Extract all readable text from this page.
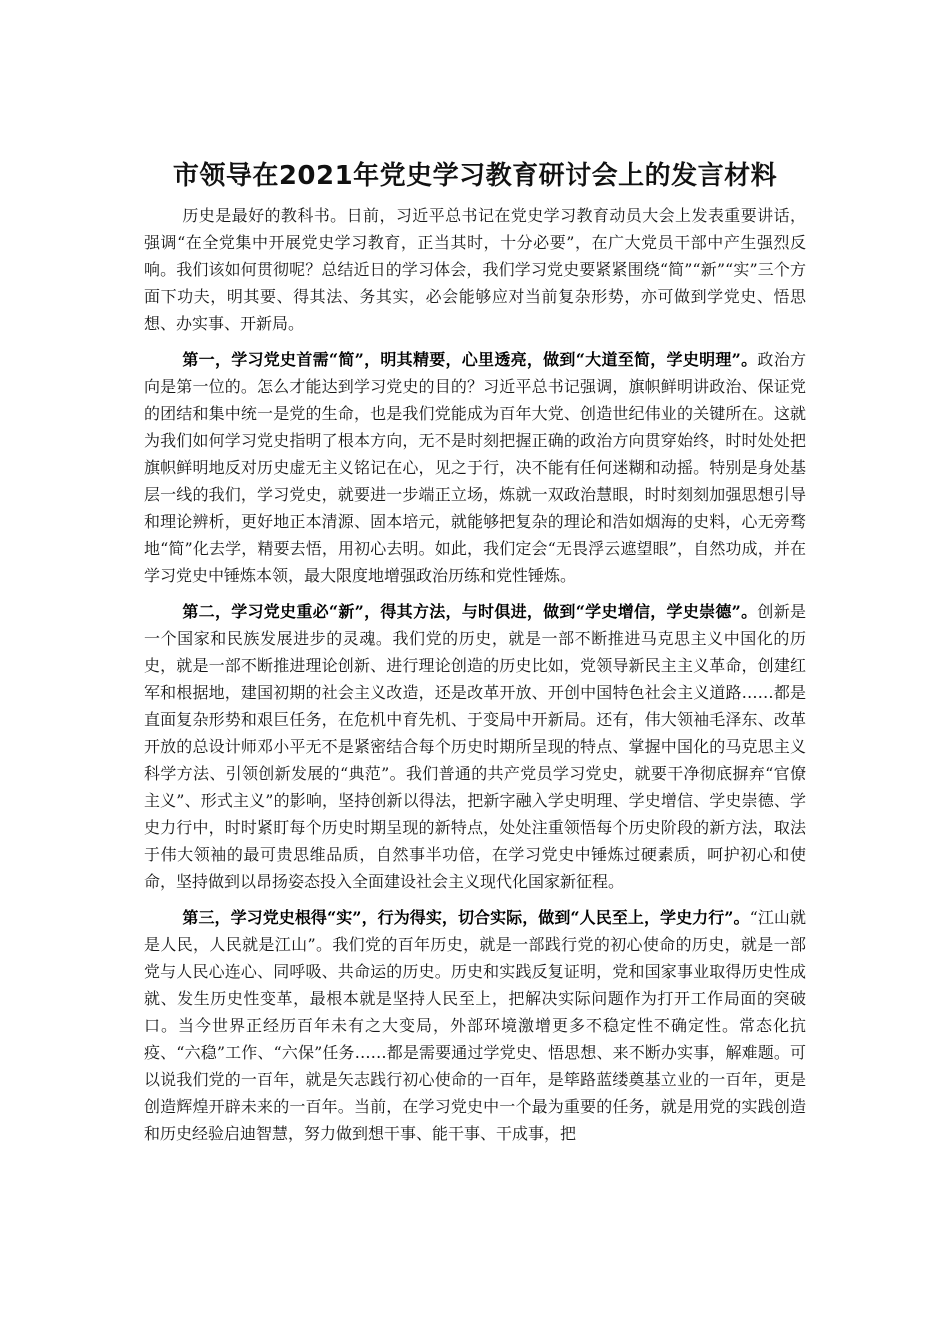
市领导在2021年党史学习教育研讨会上的发言材料

历史是最好的教科书。日前，习近平总书记在党史学习教育动员大会上发表重要讲话，强调“在全党集中开展党史学习教育，正当其时，十分必要”，在广大党员干部中产生强烈反响。我们该如何贯彻呢？总结近日的学习体会，我们学习党史要紧紧围绕“简”“新”“实”三个方面下功夫，明其要、得其法、务其实，必会能够应对当前复杂形势，亦可做到学党史、悟思想、办实事、开新局。

第一，学习党史首需“简”，明其精要，心里透亮，做到“大道至简，学史明理”。政治方向是第一位的。怎么才能达到学习党史的目的？习近平总书记强调，旗帜鲜明讲政治、保证党的团结和集中统一是党的生命，也是我们党能成为百年大党、创造世纪伟业的关键所在。这就为我们如何学习党史指明了根本方向，无不是时刻把握正确的政治方向贯穿始终，时时处处把旗帜鲜明地反对历史虚无主义铭记在心，见之于行，决不能有任何迷糊和动摇。特别是身处基层一线的我们，学习党史，就要进一步端正立场，炼就一双政治慧眼，时时刻刻加强思想引导和理论辨析，更好地正本清源、固本培元，就能够把复杂的理论和浩如烟海的史料，心无旁骛地“简”化去学，精要去悟，用初心去明。如此，我们定会“无畏浮云遮望眼”，自然功成，并在学习党史中锤炼本领，最大限度地增强政治历练和党性锤炼。

第二，学习党史重必“新”，得其方法，与时俱进，做到“学史增信，学史崇德”。创新是一个国家和民族发展进步的灵魂。我们党的历史，就是一部不断推进马克思主义中国化的历史，就是一部不断推进理论创新、进行理论创造的历史比如，党领导新民主主义革命，创建红军和根据地，建国初期的社会主义改造，还是改革开放、开创中国特色社会主义道路……都是直面复杂形势和艰巨任务，在危机中育先机、于变局中开新局。还有，伟大领袖毛泽东、改革开放的总设计师邓小平无不是紧密结合每个历史时期所呈现的特点、掌握中国化的马克思主义科学方法、引领创新发展的“典范”。我们普通的共产党员学习党史，就要干净彻底摒弃“官僚主义”、形式主义”的影响，坚持创新以得法，把新字融入学史明理、学史增信、学史崇德、学史力行中，时时紧盯每个历史时期呈现的新特点，处处注重领悟每个历史阶段的新方法，取法于伟大领袖的最可贵思维品质，自然事半功倍，在学习党史中锤炼过硬素质，呵护初心和使命，坚持做到以昂扬姿态投入全面建设社会主义现代化国家新征程。

第三，学习党史根得“实”，行为得实，切合实际，做到“人民至上，学史力行”。“江山就是人民，人民就是江山”。我们党的百年历史，就是一部践行党的初心使命的历史，就是一部党与人民心连心、同呼吸、共命运的历史。历史和实践反复证明，党和国家事业取得历史性成就、发生历史性变革，最根本就是坚持人民至上，把解决实际问题作为打开工作局面的突破口。当今世界正经历百年未有之大变局，外部环境激增更多不稳定性不确定性。常态化抗疫、“六稳”工作、“六保”任务……都是需要通过学党史、悟思想、来不断办实事，解难题。可以说我们党的一百年，就是矢志践行初心使命的一百年，是筚路蓝缕奠基立业的一百年，更是创造辉煌开辟未来的一百年。当前，在学习党史中一个最为重要的任务，就是用党的实践创造和历史经验启迪智慧，努力做到想干事、能干事、干成事，把
